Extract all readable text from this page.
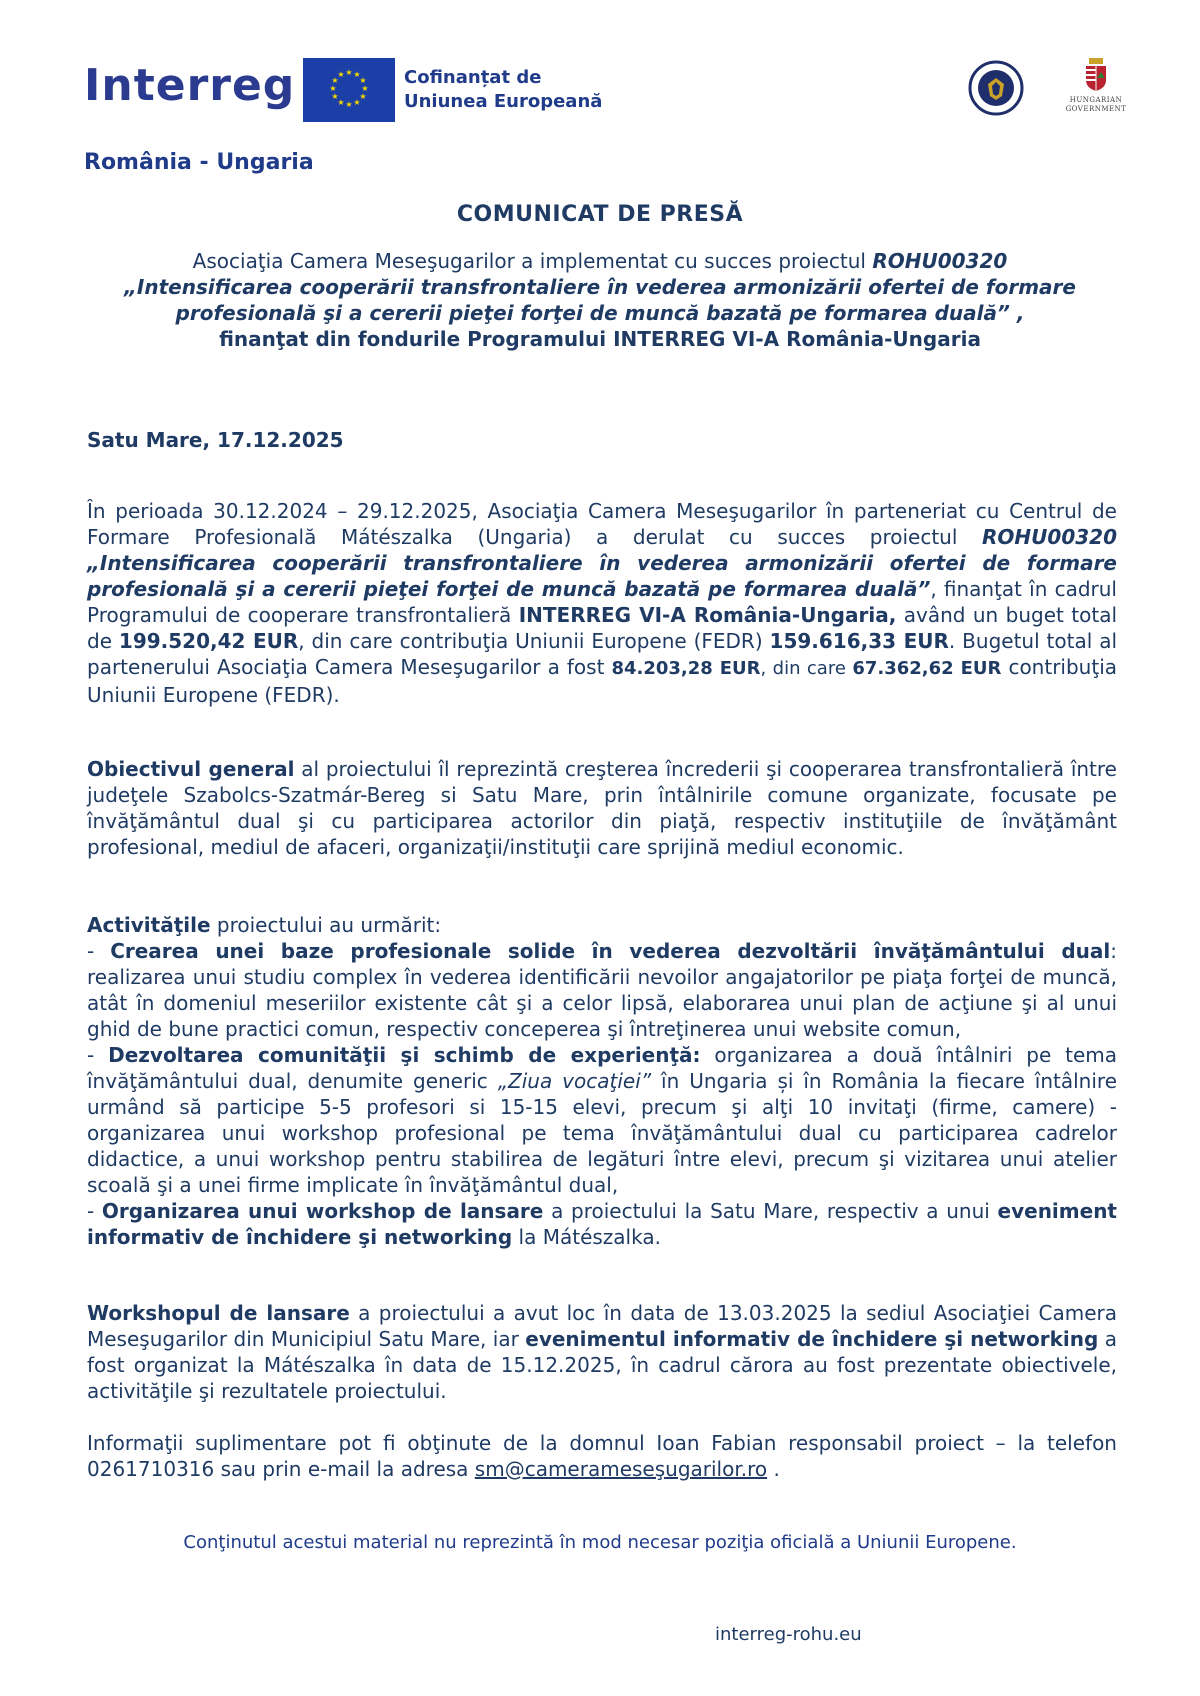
Interreg	★ ★
★
★
★
★
★
★
★
★
★
★	Cofinanțat de
Uniunea Europeană
România - Ungaria
HUNGARIAN
GOVERNMENT
COMUNICAT DE PRESĂ
Asociaţia Camera Meseşugarilor a implementat cu succes proiectul ROHU00320
„Intensificarea cooperării transfrontaliere în vederea armonizării ofertei de formare profesională şi a cererii pieţei forţei de muncă bazată pe formarea duală” ,
finanţat din fondurile Programului INTERREG VI-A România-Ungaria
Satu Mare, 17.12.2025
În perioada 30.12.2024 – 29.12.2025, Asociaţia Camera Meseşugarilor în parteneriat cu Centrul de Formare Profesională Mátészalka (Ungaria) a derulat cu succes proiectul ROHU00320 „Intensificarea cooperării transfrontaliere în vederea armonizării ofertei de formare profesională şi a cererii pieţei forţei de muncă bazată pe formarea duală”, finanţat în cadrul Programului de cooperare transfrontalieră INTERREG VI-A România-Ungaria, având un buget total de 199.520,42 EUR, din care contribuţia Uniunii Europene (FEDR) 159.616,33 EUR. Bugetul total al partenerului Asociaţia Camera Meseşugarilor a fost 84.203,28 EUR, din care 67.362,62 EUR contribuţia Uniunii Europene (FEDR).
Obiectivul general al proiectului îl reprezintă creşterea încrederii şi cooperarea transfrontalieră între judeţele Szabolcs-Szatmár-Bereg si Satu Mare, prin întâlnirile comune organizate, focusate pe învăţământul dual şi cu participarea actorilor din piaţă, respectiv instituţiile de învăţământ profesional, mediul de afaceri, organizaţii/instituţii care sprijină mediul economic.
Activităţile proiectului au urmărit:
- Crearea unei baze profesionale solide în vederea dezvoltării învăţământului dual: realizarea unui studiu complex în vederea identificării nevoilor angajatorilor pe piaţa forţei de muncă, atât în domeniul meseriilor existente cât şi a celor lipsă, elaborarea unui plan de acţiune şi al unui ghid de bune practici comun, respectiv conceperea şi întreţinerea unui website comun,
- Dezvoltarea comunităţii şi schimb de experienţă: organizarea a două întâlniri pe tema învăţământului dual, denumite generic „Ziua vocaţiei” în Ungaria și în România la fiecare întâlnire urmând să participe 5-5 profesori si 15-15 elevi, precum şi alţi 10 invitaţi (firme, camere) - organizarea unui workshop profesional pe tema învăţământului dual cu participarea cadrelor didactice, a unui workshop pentru stabilirea de legături între elevi, precum şi vizitarea unui atelier scoală şi a unei firme implicate în învăţământul dual,
- Organizarea unui workshop de lansare a proiectului la Satu Mare, respectiv a unui eveniment informativ de închidere şi networking la Mátészalka.
Workshopul de lansare a proiectului a avut loc în data de 13.03.2025 la sediul Asociaţiei Camera Meseşugarilor din Municipiul Satu Mare, iar evenimentul informativ de închidere şi networking a fost organizat la Mátészalka în data de 15.12.2025, în cadrul cărora au fost prezentate obiectivele, activităţile şi rezultatele proiectului.
Informaţii suplimentare pot fi obţinute de la domnul Ioan Fabian responsabil proiect – la telefon 0261710316 sau prin e-mail la adresa sm@camerameseşugarilor.ro .
Conţinutul acestui material nu reprezintă în mod necesar poziţia oficială a Uniunii Europene.
interreg-rohu.eu
